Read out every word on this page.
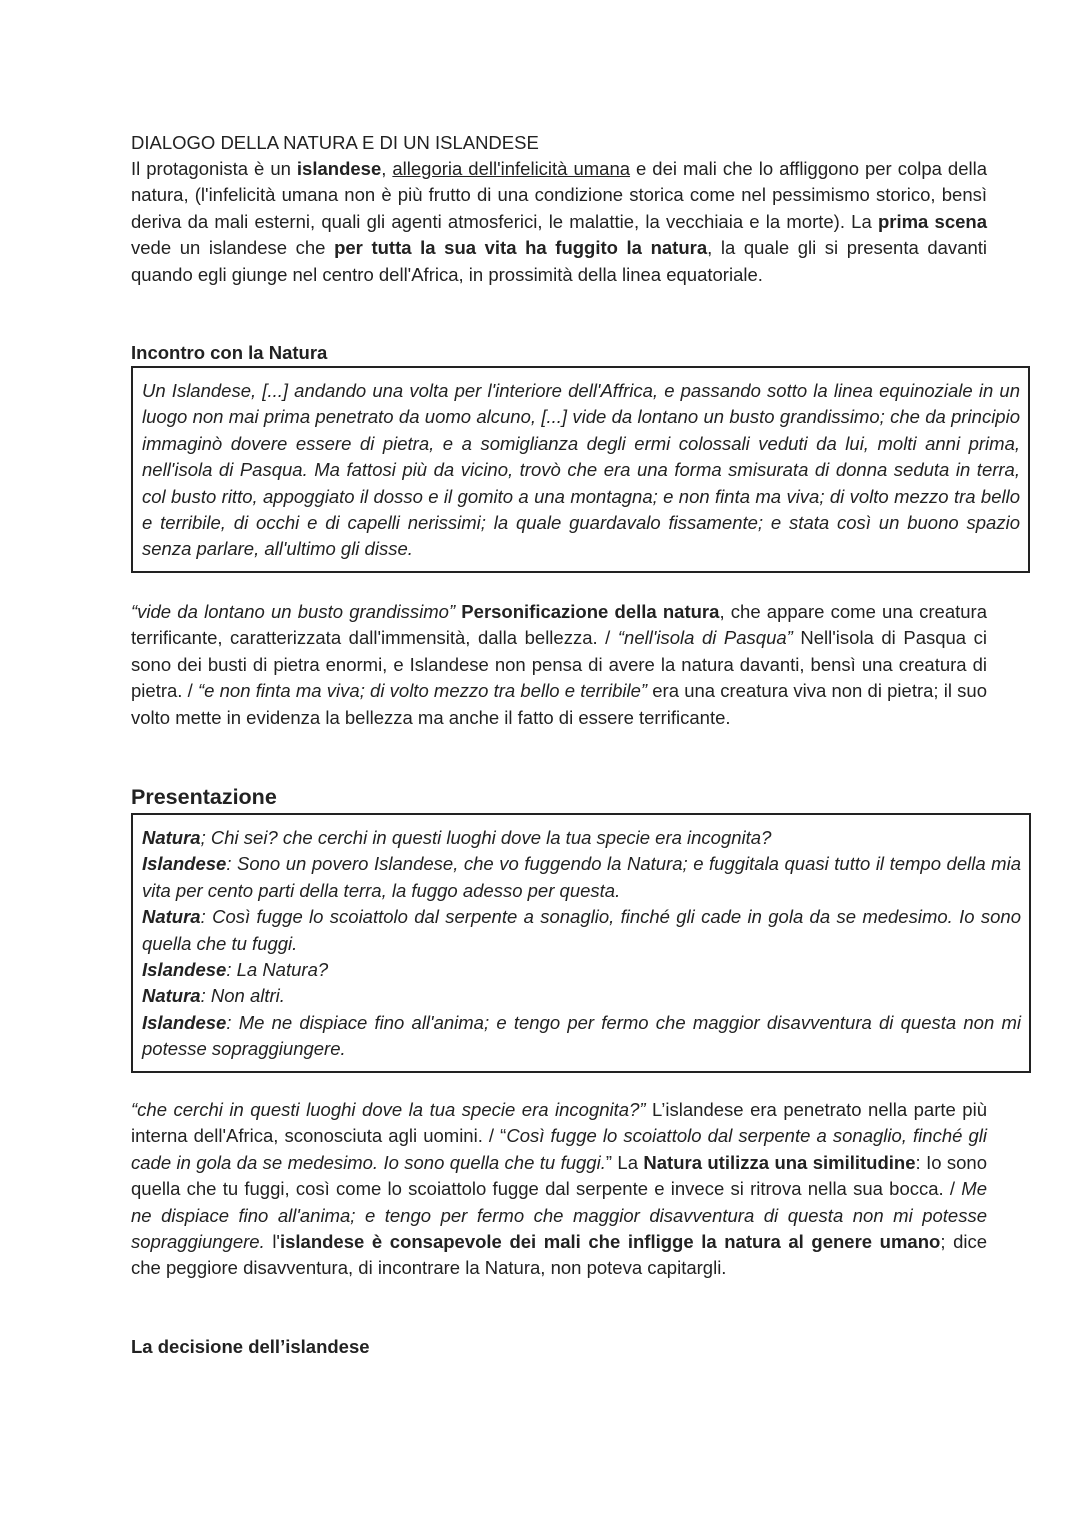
DIALOGO DELLA NATURA E DI UN ISLANDESE

Il protagonista è un islandese, allegoria dell'infelicità umana e dei mali che lo affliggono per colpa della natura, (l'infelicità umana non è più frutto di una condizione storica come nel pessimismo storico, bensì deriva da mali esterni, quali gli agenti atmosferici, le malattie, la vecchiaia e la morte). La prima scena vede un islandese che per tutta la sua vita ha fuggito la natura, la quale gli si presenta davanti quando egli giunge nel centro dell'Africa, in prossimità della linea equatoriale.

Incontro con la Natura

Un Islandese, [...] andando una volta per l'interiore dell'Affrica, e passando sotto la linea equinoziale in un luogo non mai prima penetrato da uomo alcuno, [...] vide da lontano un busto grandissimo; che da principio immaginò dovere essere di pietra, e a somiglianza degli ermi colossali veduti da lui, molti anni prima, nell'isola di Pasqua. Ma fattosi più da vicino, trovò che era una forma smisurata di donna seduta in terra, col busto ritto, appoggiato il dosso e il gomito a una montagna; e non finta ma viva; di volto mezzo tra bello e terribile, di occhi e di capelli nerissimi; la quale guardavalo fissamente; e stata così un buono spazio senza parlare, all'ultimo gli disse.

“vide da lontano un busto grandissimo” Personificazione della natura, che appare come una creatura terrificante, caratterizzata dall'immensità, dalla bellezza. / “nell'isola di Pasqua” Nell'isola di Pasqua ci sono dei busti di pietra enormi, e Islandese non pensa di avere la natura davanti, bensì una creatura di pietra. / “e non finta ma viva; di volto mezzo tra bello e terribile” era una creatura viva non di pietra; il suo volto mette in evidenza la bellezza ma anche il fatto di essere terrificante.

Presentazione

Natura; Chi sei? che cerchi in questi luoghi dove la tua specie era incognita?

Islandese: Sono un povero Islandese, che vo fuggendo la Natura; e fuggitala quasi tutto il tempo della mia vita per cento parti della terra, la fuggo adesso per questa.

Natura: Così fugge lo scoiattolo dal serpente a sonaglio, finché gli cade in gola da se medesimo. Io sono quella che tu fuggi.

Islandese: La Natura?

Natura: Non altri.

Islandese: Me ne dispiace fino all'anima; e tengo per fermo che maggior disavventura di questa non mi potesse sopraggiungere.

“che cerchi in questi luoghi dove la tua specie era incognita?” L’islandese era penetrato nella parte più interna dell'Africa, sconosciuta agli uomini. / “Così fugge lo scoiattolo dal serpente a sonaglio, finché gli cade in gola da se medesimo. Io sono quella che tu fuggi.” La Natura utilizza una similitudine: Io sono quella che tu fuggi, così come lo scoiattolo fugge dal serpente e invece si ritrova nella sua bocca. / Me ne dispiace fino all'anima; e tengo per fermo che maggior disavventura di questa non mi potesse sopraggiungere. l'islandese è consapevole dei mali che infligge la natura al genere umano; dice che peggiore disavventura, di incontrare la Natura, non poteva capitargli.

La decisione dell’islandese
